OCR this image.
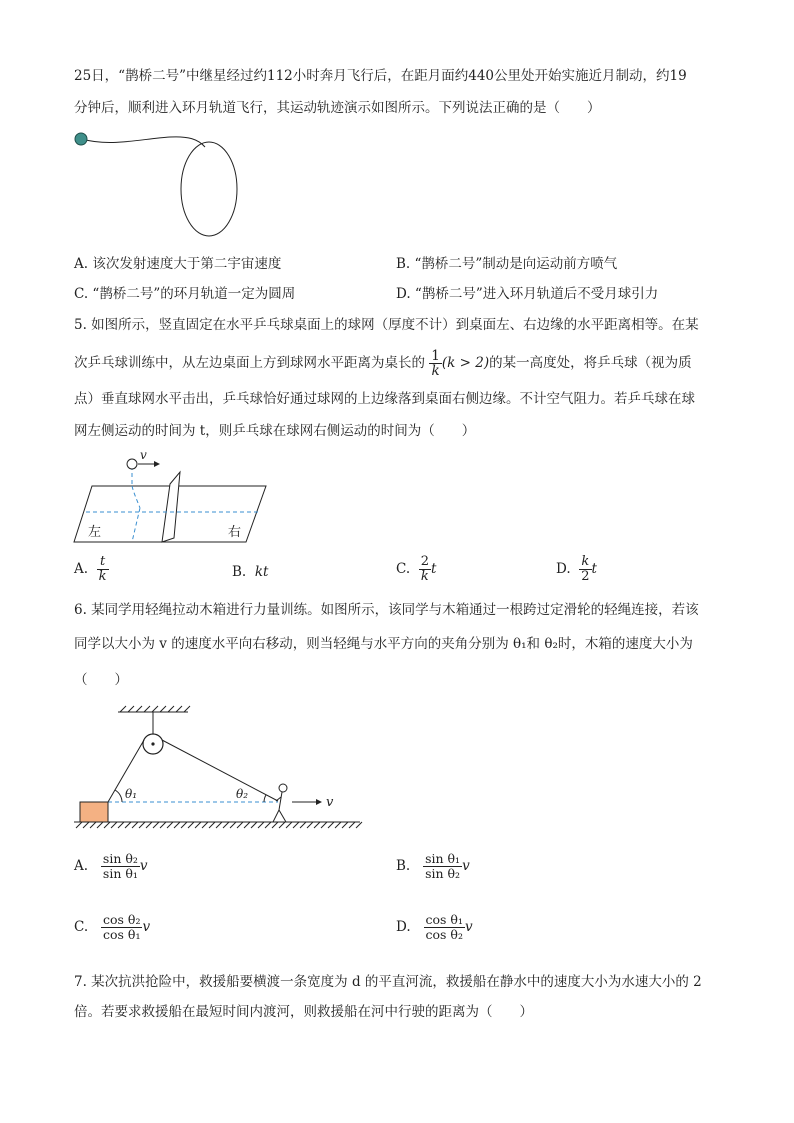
25日，“鹊桥二号”中继星经过约112小时奔月飞行后，在距月面约440公里处开始实施近月制动，约19
分钟后，顺利进入环月轨道飞行，其运动轨迹演示如图所示。下列说法正确的是（　　）
A. 该次发射速度大于第二宇宙速度	B. “鹊桥二号”制动是向运动前方喷气
C. “鹊桥二号”的环月轨道一定为圆周	D. “鹊桥二号”进入环月轨道后不受月球引力
5. 如图所示，竖直固定在水平乒乓球桌面上的球网（厚度不计）到桌面左、右边缘的水平距离相等。在某
次乒乓球训练中，从左边桌面上方到球网水平距离为桌长的 $\frac{1}{k} (k > 2)$的某一高度处，将乒乓球（视为质
点）垂直球网水平击出，乒乓球恰好通过球网的上边缘落到桌面右侧边缘。不计空气阻力。若乒乓球在球
网左侧运动的时间为 t，则乒乓球在球网右侧运动的时间为（　　）
v
左	右
A. $\frac{t}{k}$	B. kt	C. $\frac{2}{k}$ t	D. $\frac{k}{2}$ t
6. 某同学用轻绳拉动木箱进行力量训练。如图所示，该同学与木箱通过一根跨过定滑轮的轻绳连接，若该
同学以大小为 v 的速度水平向右移动，则当轻绳与水平方向的夹角分别为 θ₁和 θ₂时，木箱的速度大小为
（　　）
θ₁	θ₂
v
A. $\frac{\text{sin θ₂}}{\text{sin θ₁}}$ v	B. $\frac{\text{sin θ₁}}{\text{sin θ₂}}$ v
C. $\frac{\text{cos θ₂}}{\text{cos θ₁}}$ v	D. $\frac{\text{cos θ₁}}{\text{cos θ₂}}$ v
7. 某次抗洪抢险中，救援船要横渡一条宽度为 d 的平直河流，救援船在静水中的速度大小为水速大小的 2
倍。若要求救援船在最短时间内渡河，则救援船在河中行驶的距离为（　　）
